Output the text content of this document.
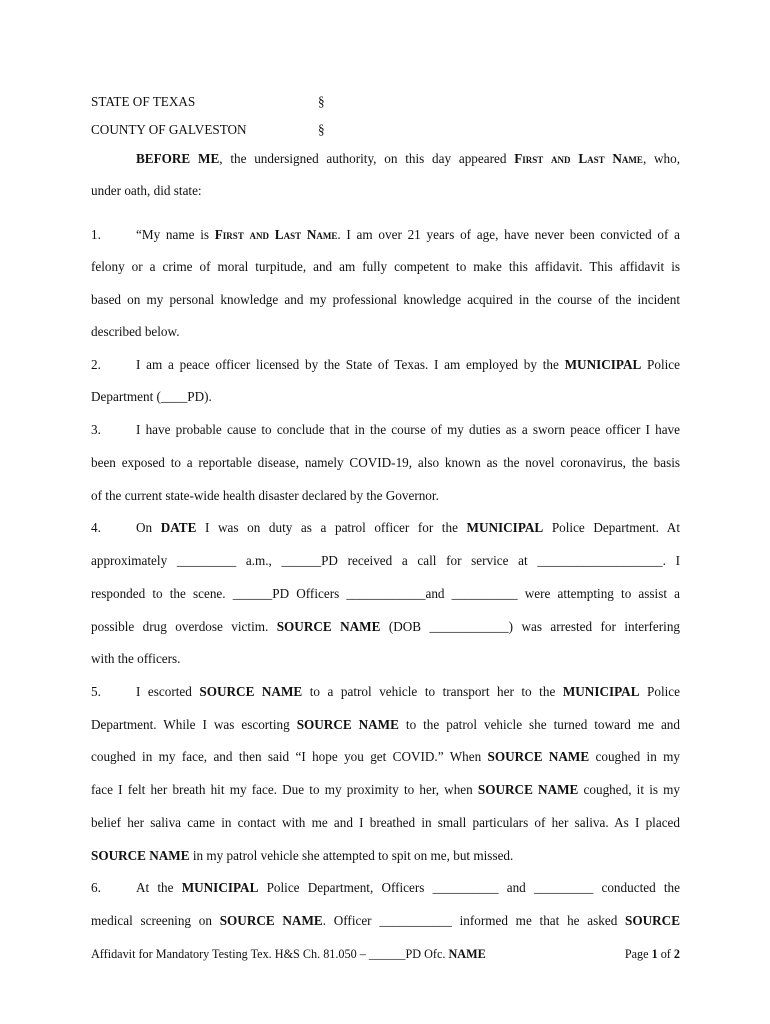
STATE OF TEXAS	§
COUNTY OF GALVESTON	§
BEFORE ME, the undersigned authority, on this day appeared First and Last Name, who,
under oath, did state:
1.	“My name is First and Last Name. I am over 21 years of age, have never been convicted of a
felony or a crime of moral turpitude, and am fully competent to make this affidavit. This affidavit is
based on my personal knowledge and my professional knowledge acquired in the course of the incident
described below.
2.	I am a peace officer licensed by the State of Texas. I am employed by the MUNICIPAL Police
Department (____PD).
3.	I have probable cause to conclude that in the course of my duties as a sworn peace officer I have
been exposed to a reportable disease, namely COVID-19, also known as the novel coronavirus, the basis
of the current state-wide health disaster declared by the Governor.
4.	On DATE I was on duty as a patrol officer for the MUNICIPAL Police Department. At
approximately _________ a.m., ______PD received a call for service at ___________________. I
responded to the scene. ______PD Officers ____________and __________ were attempting to assist a
possible drug overdose victim. SOURCE NAME (DOB ____________) was arrested for interfering
with the officers.
5.	I escorted SOURCE NAME to a patrol vehicle to transport her to the MUNICIPAL Police
Department. While I was escorting SOURCE NAME to the patrol vehicle she turned toward me and
coughed in my face, and then said “I hope you get COVID.” When SOURCE NAME coughed in my
face I felt her breath hit my face. Due to my proximity to her, when SOURCE NAME coughed, it is my
belief her saliva came in contact with me and I breathed in small particulars of her saliva. As I placed
SOURCE NAME in my patrol vehicle she attempted to spit on me, but missed.
6.	At the MUNICIPAL Police Department, Officers __________ and _________ conducted the
medical screening on SOURCE NAME. Officer ___________ informed me that he asked SOURCE
Affidavit for Mandatory Testing Tex. H&S Ch. 81.050 – ______PD Ofc. NAME	Page 1 of 2
